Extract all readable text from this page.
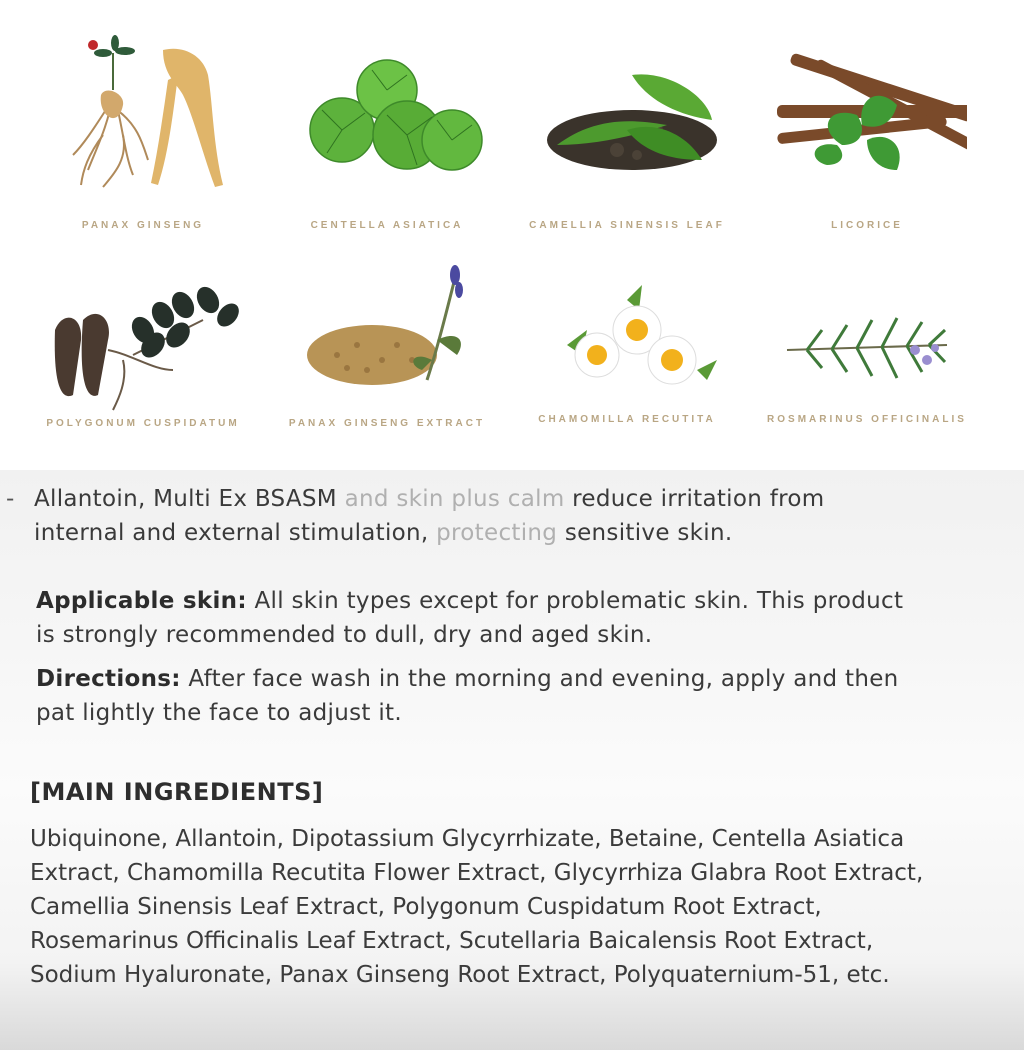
PANAX GINSENG	CENTELLA ASIATICA	CAMELLIA SINENSIS LEAF	LICORICE
POLYGONUM CUSPIDATUM	PANAX GINSENG EXTRACT	CHAMOMILLA RECUTITA	ROSMARINUS OFFICINALIS
- Allantoin, Multi Ex BSASM and skin plus calm reduce irritation from
internal and external stimulation, protecting sensitive skin.
Applicable skin: All skin types except for problematic skin. This product
is strongly recommended to dull, dry and aged skin.
Directions: After face wash in the morning and evening, apply and then
pat lightly the face to adjust it.
[MAIN INGREDIENTS]
Ubiquinone, Allantoin, Dipotassium Glycyrrhizate, Betaine, Centella Asiatica
Extract, Chamomilla Recutita Flower Extract, Glycyrrhiza Glabra Root Extract,
Camellia Sinensis Leaf Extract, Polygonum Cuspidatum Root Extract,
Rosemarinus Officinalis Leaf Extract, Scutellaria Baicalensis Root Extract,
Sodium Hyaluronate, Panax Ginseng Root Extract, Polyquaternium-51, etc.
